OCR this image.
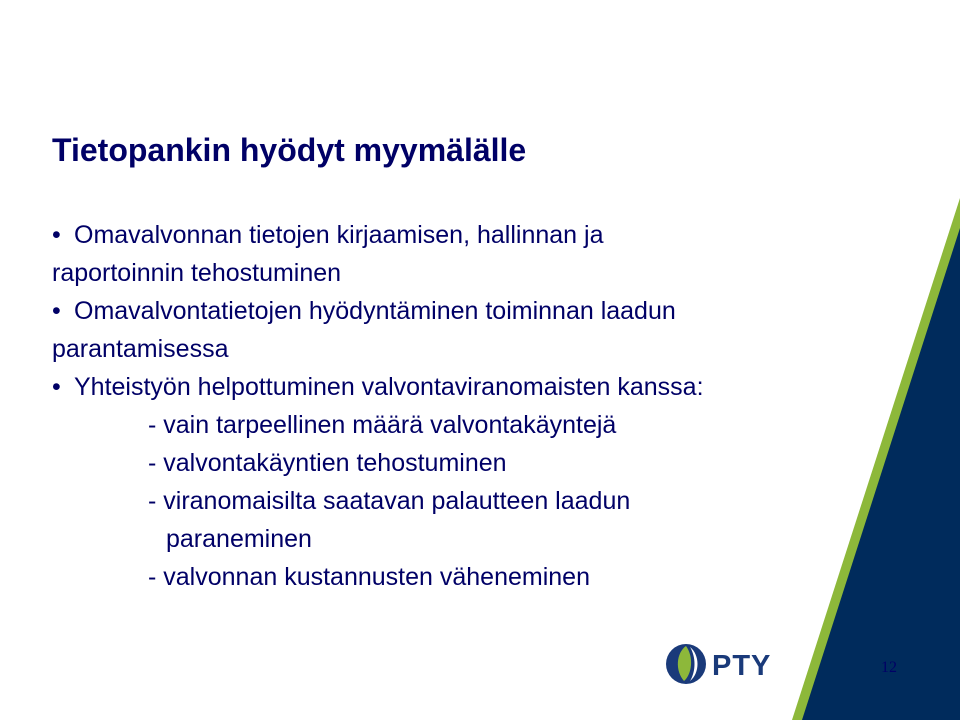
Tietopankin hyödyt myymälälle
• Omavalvonnan tietojen kirjaamisen, hallinnan ja
raportoinnin tehostuminen
• Omavalvontatietojen hyödyntäminen toiminnan laadun
parantamisessa
• Yhteistyön helpottuminen valvontaviranomaisten kanssa:
- vain tarpeellinen määrä valvontakäyntejä
- valvontakäyntien tehostuminen
- viranomaisilta saatavan palautteen laadun
paraneminen
- valvonnan kustannusten väheneminen
PTY	12
